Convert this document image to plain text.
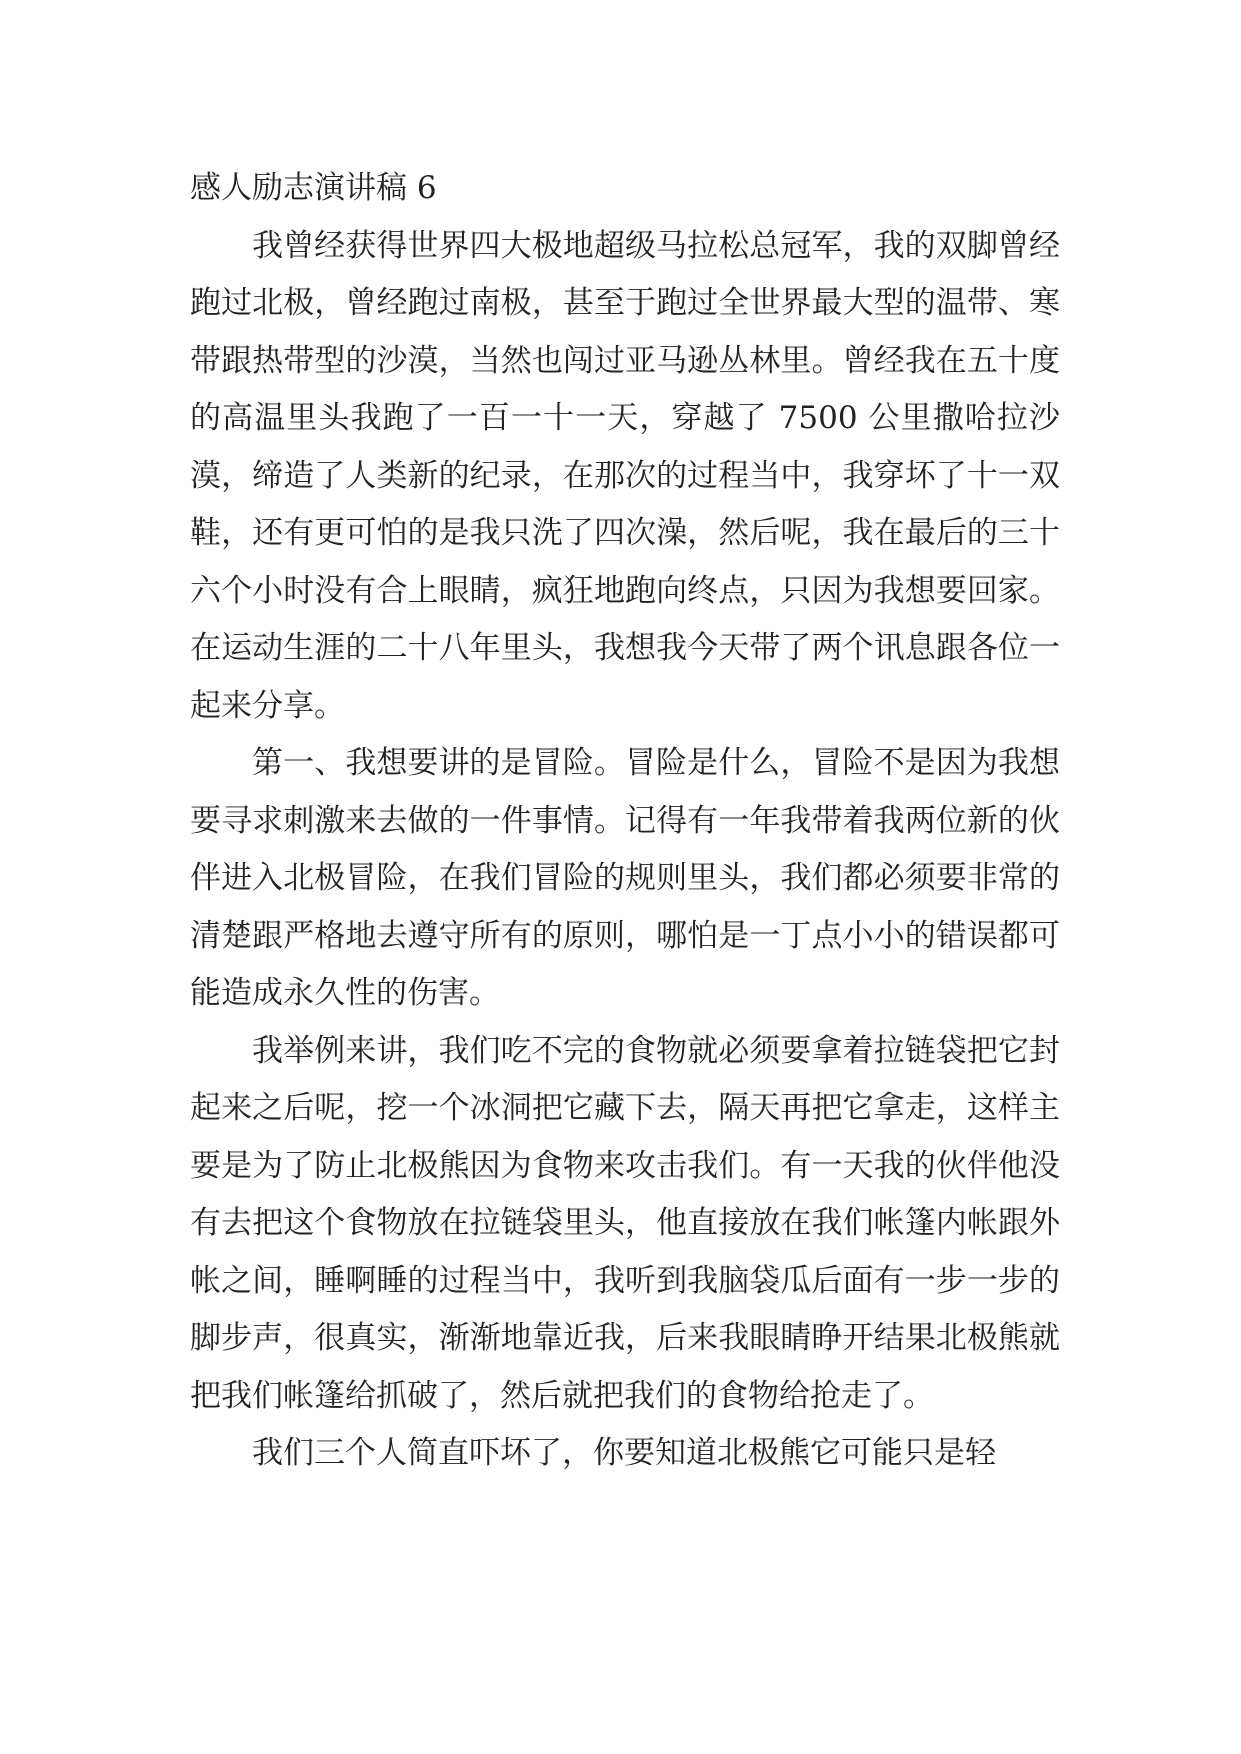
感人励志演讲稿 6

我曾经获得世界四大极地超级马拉松总冠军，我的双脚曾经跑过北极，曾经跑过南极，甚至于跑过全世界最大型的温带、寒带跟热带型的沙漠，当然也闯过亚马逊丛林里。曾经我在五十度的高温里头我跑了一百一十一天，穿越了 7500 公里撒哈拉沙漠，缔造了人类新的纪录，在那次的过程当中，我穿坏了十一双鞋，还有更可怕的是我只洗了四次澡，然后呢，我在最后的三十六个小时没有合上眼睛，疯狂地跑向终点，只因为我想要回家。在运动生涯的二十八年里头，我想我今天带了两个讯息跟各位一起来分享。

第一、我想要讲的是冒险。冒险是什么，冒险不是因为我想要寻求刺激来去做的一件事情。记得有一年我带着我两位新的伙伴进入北极冒险，在我们冒险的规则里头，我们都必须要非常的清楚跟严格地去遵守所有的原则，哪怕是一丁点小小的错误都可能造成永久性的伤害。

我举例来讲，我们吃不完的食物就必须要拿着拉链袋把它封起来之后呢，挖一个冰洞把它藏下去，隔天再把它拿走，这样主要是为了防止北极熊因为食物来攻击我们。有一天我的伙伴他没有去把这个食物放在拉链袋里头，他直接放在我们帐篷内帐跟外帐之间，睡啊睡的过程当中，我听到我脑袋瓜后面有一步一步的脚步声，很真实，渐渐地靠近我，后来我眼睛睁开结果北极熊就把我们帐篷给抓破了，然后就把我们的食物给抢走了。

我们三个人简直吓坏了，你要知道北极熊它可能只是轻
